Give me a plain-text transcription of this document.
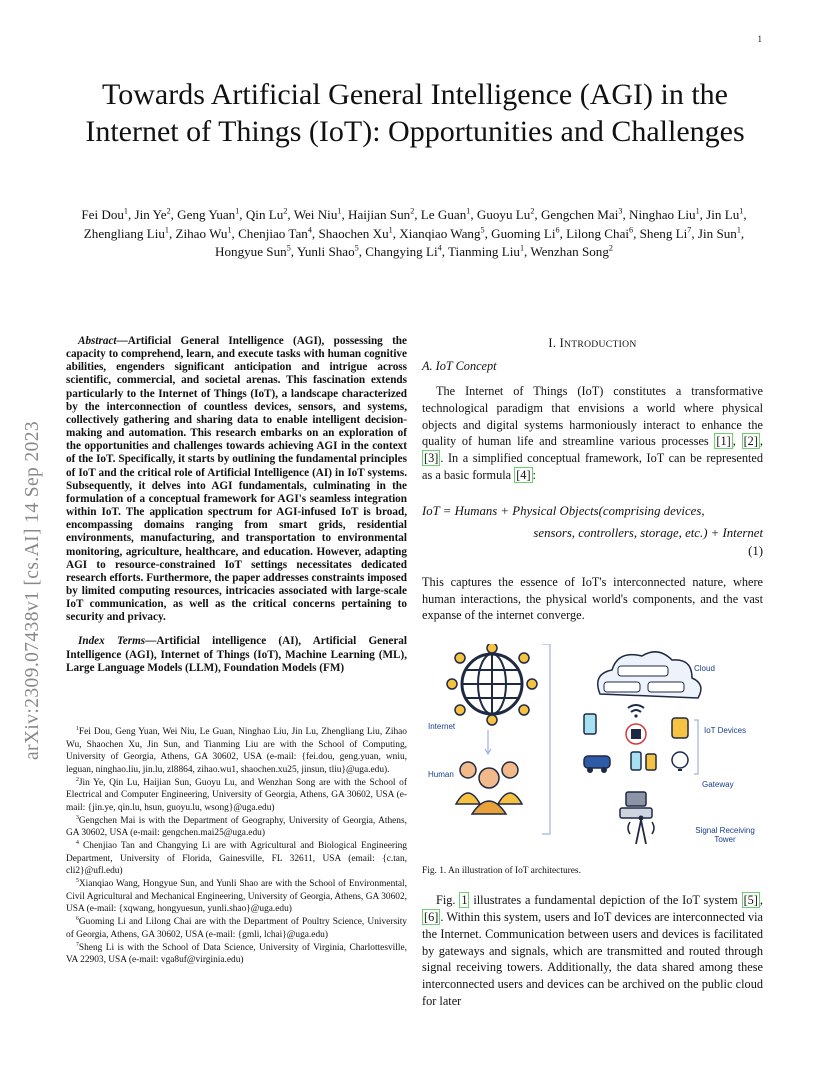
1
arXiv:2309.07438v1 [cs.AI] 14 Sep 2023
Towards Artificial General Intelligence (AGI) in the Internet of Things (IoT): Opportunities and Challenges
Fei Dou$^1$, Jin Ye$^2$, Geng Yuan$^1$, Qin Lu$^2$, Wei Niu$^1$, Haijian Sun$^2$, Le Guan$^1$, Guoyu Lu$^2$, Gengchen Mai$^3$, Ninghao Liu$^1$, Jin Lu$^1$, Zhengliang Liu$^1$, Zihao Wu$^1$, Chenjiao Tan$^4$, Shaochen Xu$^1$, Xianqiao Wang$^5$, Guoming Li$^6$, Lilong Chai$^6$, Sheng Li$^7$, Jin Sun$^1$, Hongyue Sun$^5$, Yunli Shao$^5$, Changying Li$^4$, Tianming Liu$^1$, Wenzhan Song$^2$

Abstract—Artificial General Intelligence (AGI), possessing the capacity to comprehend, learn, and execute tasks with human cognitive abilities, engenders significant anticipation and intrigue across scientific, commercial, and societal arenas. This fascination extends particularly to the Internet of Things (IoT), a landscape characterized by the interconnection of countless devices, sensors, and systems, collectively gathering and sharing data to enable intelligent decision-making and automation. This research embarks on an exploration of the opportunities and challenges towards achieving AGI in the context of the IoT. Specifically, it starts by outlining the fundamental principles of IoT and the critical role of Artificial Intelligence (AI) in IoT systems. Subsequently, it delves into AGI fundamentals, culminating in the formulation of a conceptual framework for AGI's seamless integration within IoT. The application spectrum for AGI-infused IoT is broad, encompassing domains ranging from smart grids, residential environments, manufacturing, and transportation to environmental monitoring, agriculture, healthcare, and education. However, adapting AGI to resource-constrained IoT settings necessitates dedicated research efforts. Furthermore, the paper addresses constraints imposed by limited computing resources, intricacies associated with large-scale IoT communication, as well as the critical concerns pertaining to security and privacy.

Index Terms—Artificial intelligence (AI), Artificial General Intelligence (AGI), Internet of Things (IoT), Machine Learning (ML), Large Language Models (LLM), Foundation Models (FM)

$^1$Fei Dou, Geng Yuan, Wei Niu, Le Guan, Ninghao Liu, Jin Lu, Zhengliang Liu, Zihao Wu, Shaochen Xu, Jin Sun, and Tianming Liu are with the School of Computing, University of Georgia, Athens, GA 30602, USA (e-mail: {fei.dou, geng.yuan, wniu, leguan, ninghao.liu, jin.lu, zl8864, zihao.wu1, shaochen.xu25, jinsun, tliu}@uga.edu).

$^2$Jin Ye, Qin Lu, Haijian Sun, Guoyu Lu, and Wenzhan Song are with the School of Electrical and Computer Engineering, University of Georgia, Athens, GA 30602, USA (e-mail: {jin.ye, qin.lu, hsun, guoyu.lu, wsong}@uga.edu)

$^3$Gengchen Mai is with the Department of Geography, University of Georgia, Athens, GA 30602, USA (e-mail: gengchen.mai25@uga.edu)

$^4$ Chenjiao Tan and Changying Li are with Agricultural and Biological Engineering Department, University of Florida, Gainesville, FL 32611, USA (email: {c.tan, cli2}@ufl.edu)

$^5$Xianqiao Wang, Hongyue Sun, and Yunli Shao are with the School of Environmental, Civil Agricultural and Mechanical Engineering, University of Georgia, Athens, GA 30602, USA (e-mail: {xqwang, hongyuesun, yunli.shao}@uga.edu)

$^6$Guoming Li and Lilong Chai are with the Department of Poultry Science, University of Georgia, Athens, GA 30602, USA (e-mail: {gmli, lchai}@uga.edu)

$^7$Sheng Li is with the School of Data Science, University of Virginia, Charlottesville, VA 22903, USA (e-mail: vga8uf@virginia.edu)

I. INTRODUCTION
A. IoT Concept

The Internet of Things (IoT) constitutes a transformative technological paradigm that envisions a world where physical objects and digital systems harmoniously interact to enhance the quality of human life and streamline various processes [1] , [2] , [3] . In a simplified conceptual framework, IoT can be represented as a basic formula [4] :

IoT = Humans + Physical Objects(comprising devices,
sensors, controllers, storage, etc.) + Internet
(1)

This captures the essence of IoT's interconnected nature, where human interactions, the physical world's components, and the vast expanse of the internet converge.

Cloud
Internet
Human
IoT Devices
Gateway
Signal Receiving Tower
Fig. 1. An illustration of IoT architectures.

Fig. 1 illustrates a fundamental depiction of the IoT system [5] , [6] . Within this system, users and IoT devices are interconnected via the Internet. Communication between users and devices is facilitated by gateways and signals, which are transmitted and routed through signal receiving towers. Additionally, the data shared among these interconnected users and devices can be archived on the public cloud for later
